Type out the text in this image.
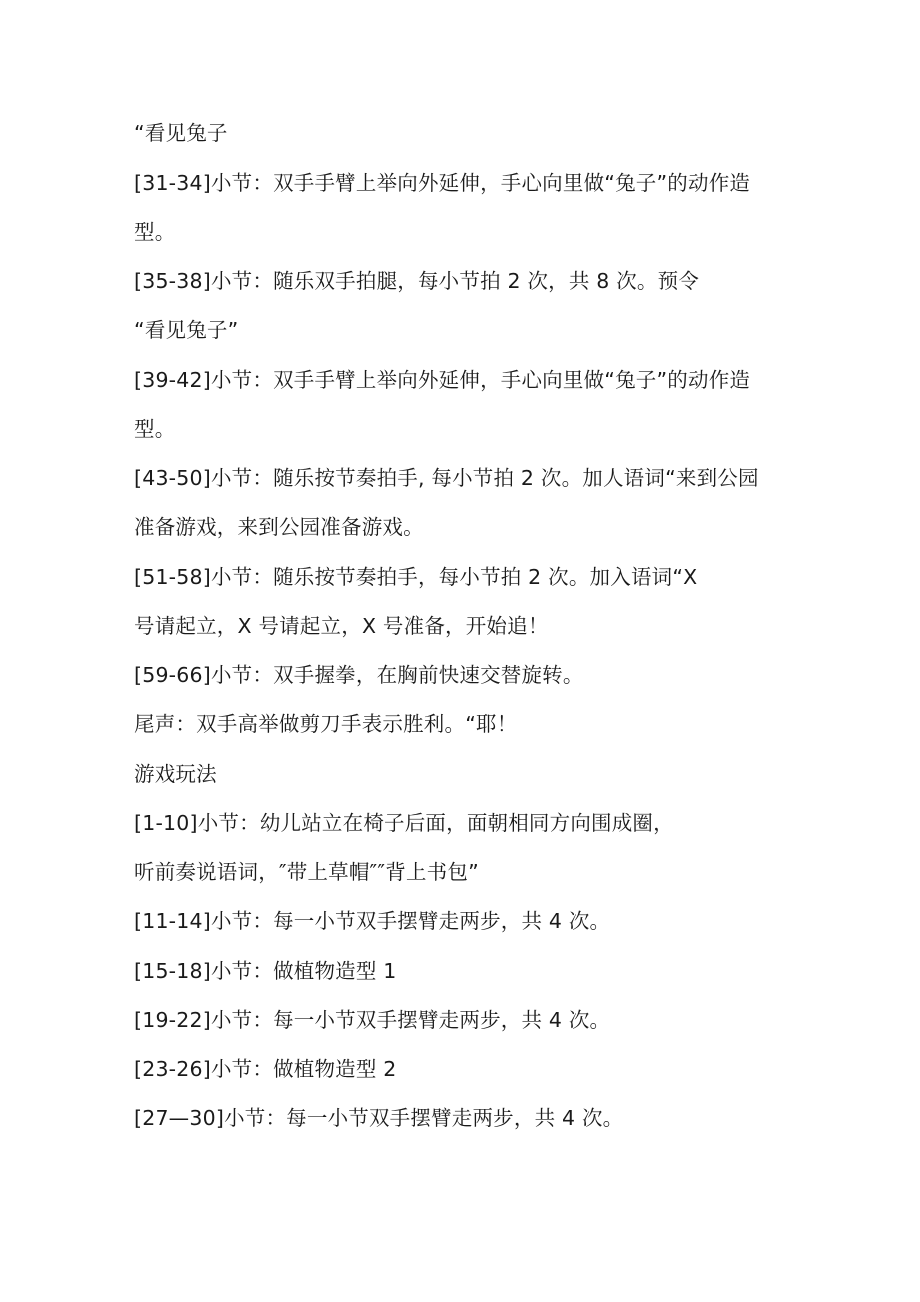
“看见兔子
[31-34]小节：双手手臂上举向外延伸，手心向里做“兔子”的动作造
型。
[35-38]小节：随乐双手拍腿，每小节拍 2 次，共 8 次。预令
“看见兔子”
[39-42]小节：双手手臂上举向外延伸，手心向里做“兔子”的动作造
型。
[43-50]小节：随乐按节奏拍手, 每小节拍 2 次。加人语词“来到公园
准备游戏，来到公园准备游戏。
[51-58]小节：随乐按节奏拍手，每小节拍 2 次。加入语词“X
号请起立，X 号请起立，X 号准备，开始追！
[59-66]小节：双手握拳，在胸前快速交替旋转。
尾声：双手高举做剪刀手表示胜利。“耶！
游戏玩法
[1-10]小节：幼儿站立在椅子后面，面朝相同方向围成圈，
听前奏说语词，″带上草帽″″背上书包”
[11-14]小节：每一小节双手摆臂走两步，共 4 次。
[15-18]小节：做植物造型 1
[19-22]小节：每一小节双手摆臂走两步，共 4 次。
[23-26]小节：做植物造型 2
[27—30]小节：每一小节双手摆臂走两步，共 4 次。
